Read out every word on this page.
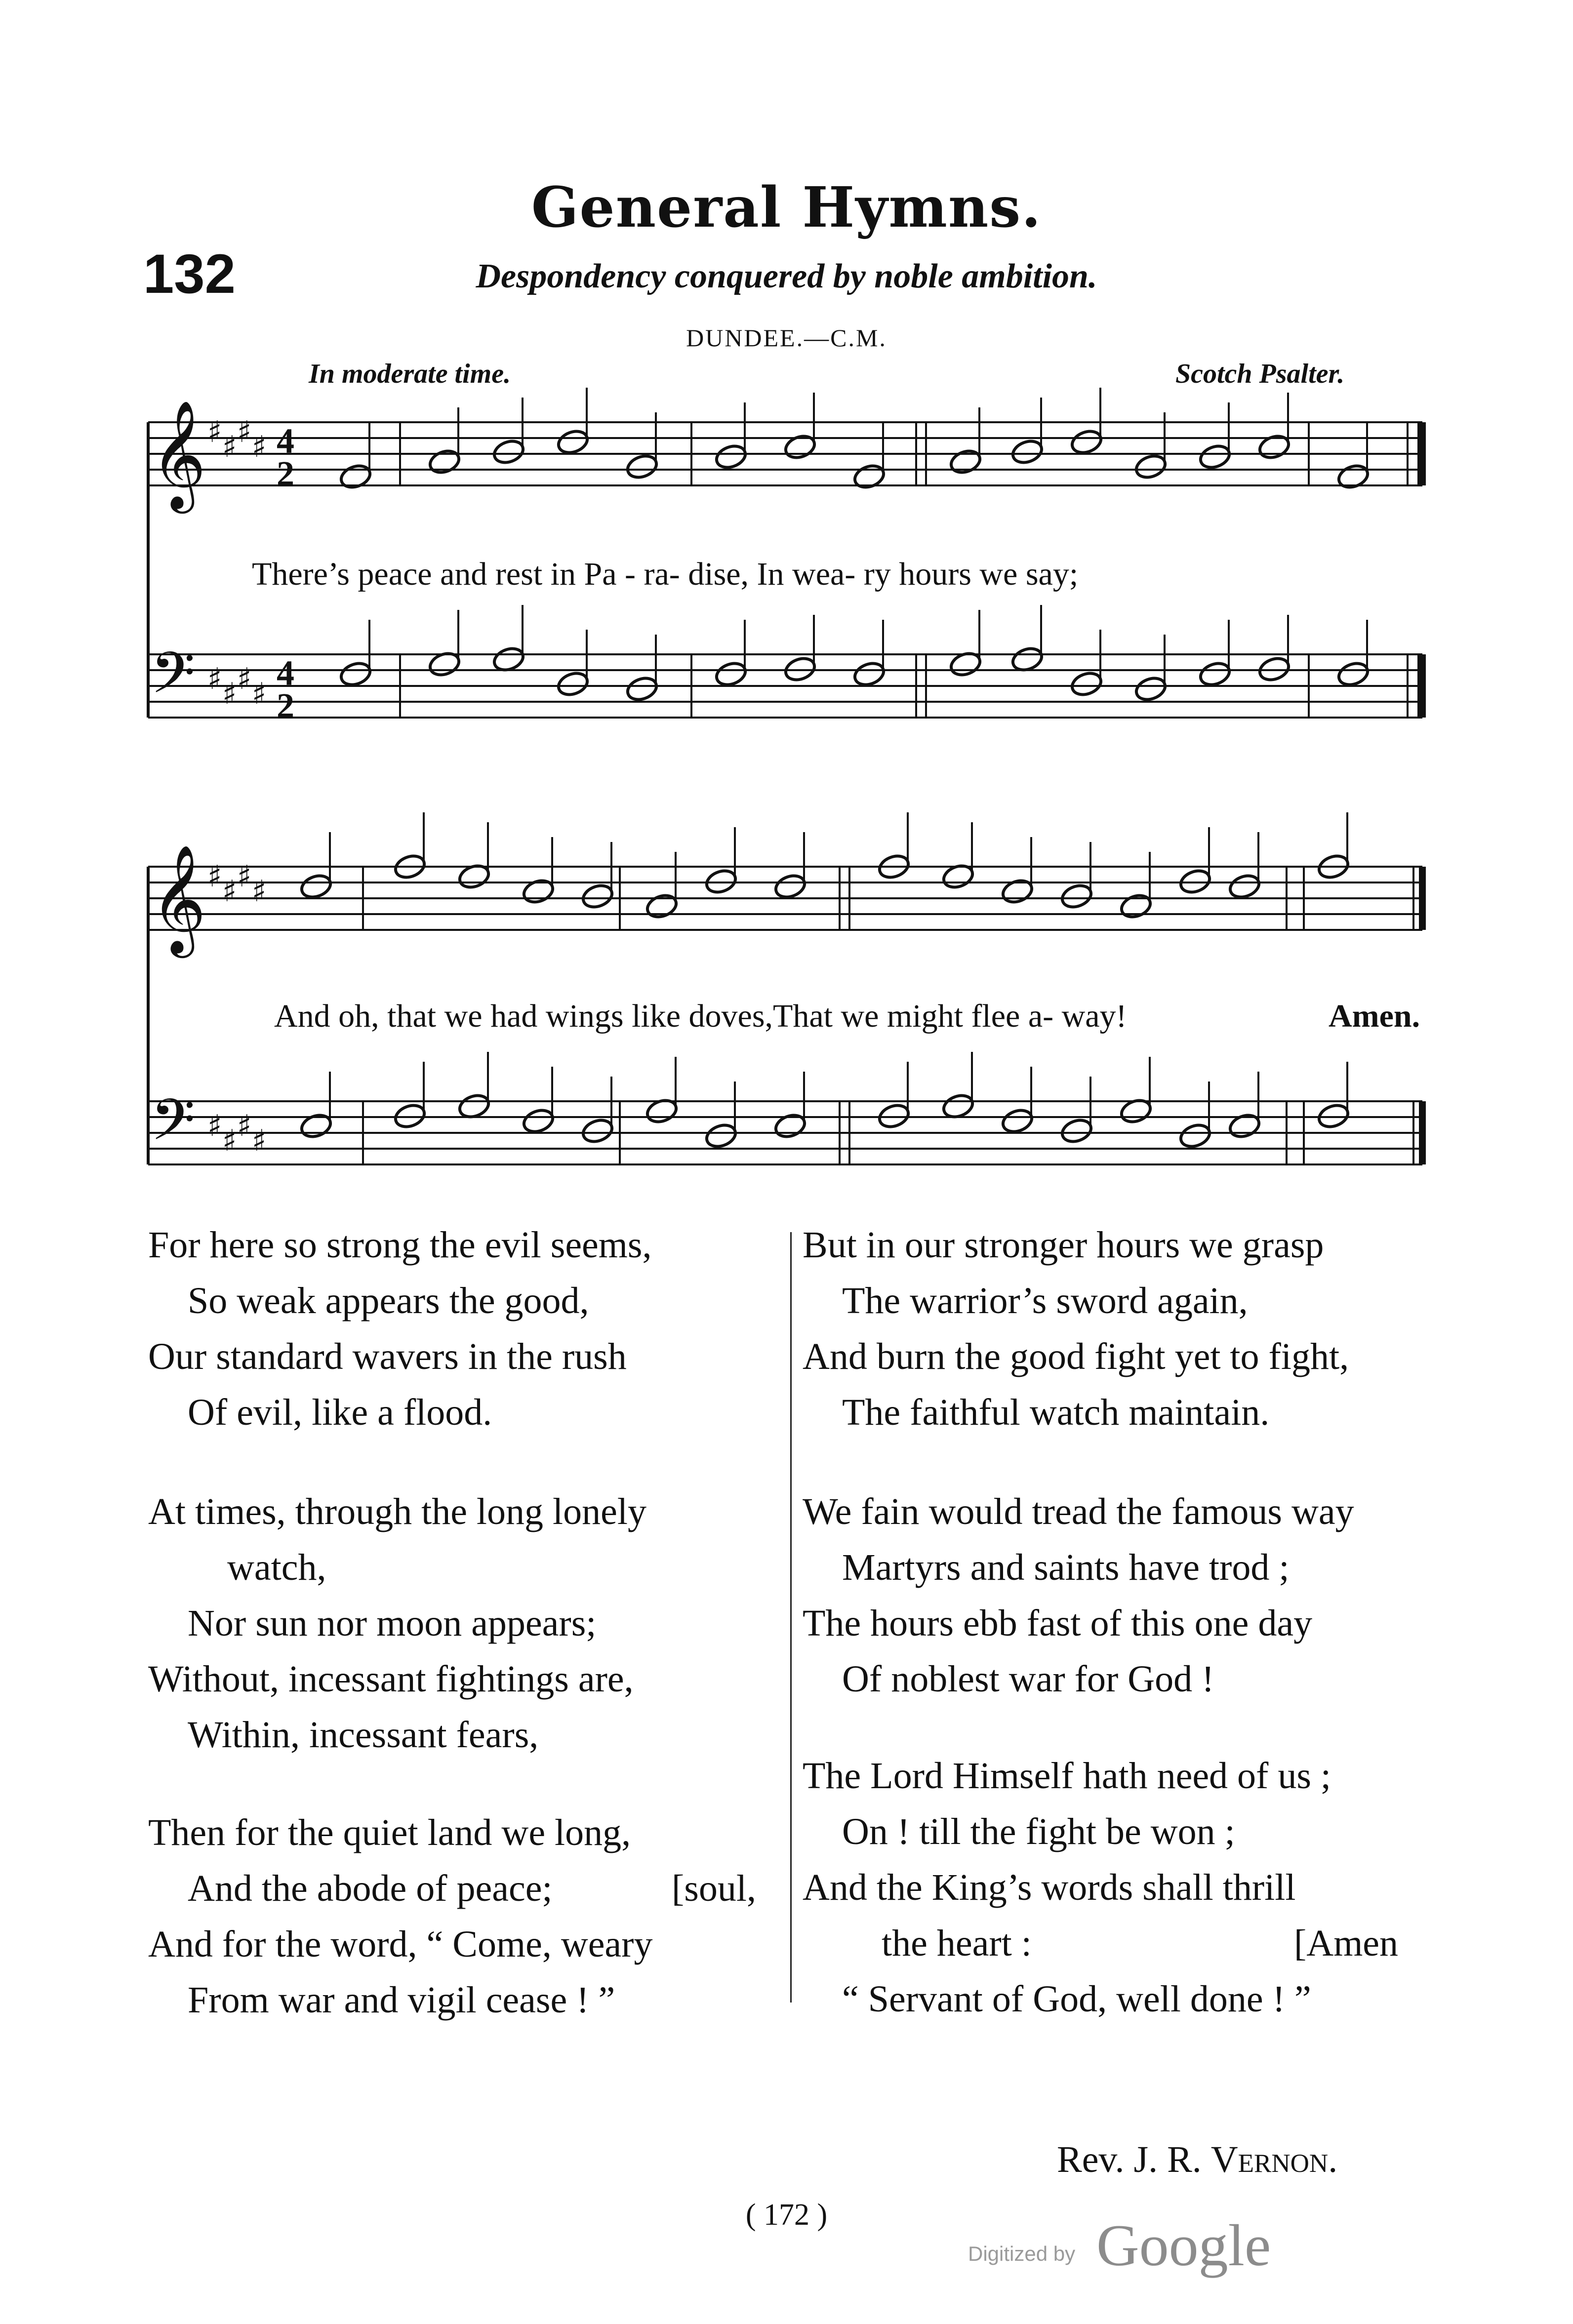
General Hymns.
132	Despondency conquered by noble ambition.
DUNDEE.—C.M.
In moderate time.	Scotch Psalter.
𝄞 ♯ ♯ ♯ ♯
𝄞 ♯ ♯ ♯ ♯
𝄢 ♯ ♯ ♯ ♯
𝄢 ♯ ♯ ♯ ♯
4
2
4
2
There’s peace and rest in Pa - ra- dise, In wea- ry hours we say;
And oh, that we had wings like doves,That we might flee a- way!	Amen.
For here so strong the evil seems,
So weak appears the good,
Our standard wavers in the rush
Of evil, like a flood.
At times, through the long lonely
watch,
Nor sun nor moon appears;
Without, incessant fightings are,
Within, incessant fears,
Then for the quiet land we long,
And the abode of peace;
And for the word, “ Come, weary
From war and vigil cease ! ”
[soul,
But in our stronger hours we grasp
The warrior’s sword again,
And burn the good fight yet to fight,
The faithful watch maintain.
We fain would tread the famous way
Martyrs and saints have trod ;
The hours ebb fast of this one day
Of noblest war for God !
The Lord Himself hath need of us ;
On ! till the fight be won ;
And the King’s words shall thrill
the heart :
“ Servant of God, well done ! ”
[Amen
Rev. J. R. Vernon.
( 172 )
Digitized by Google
